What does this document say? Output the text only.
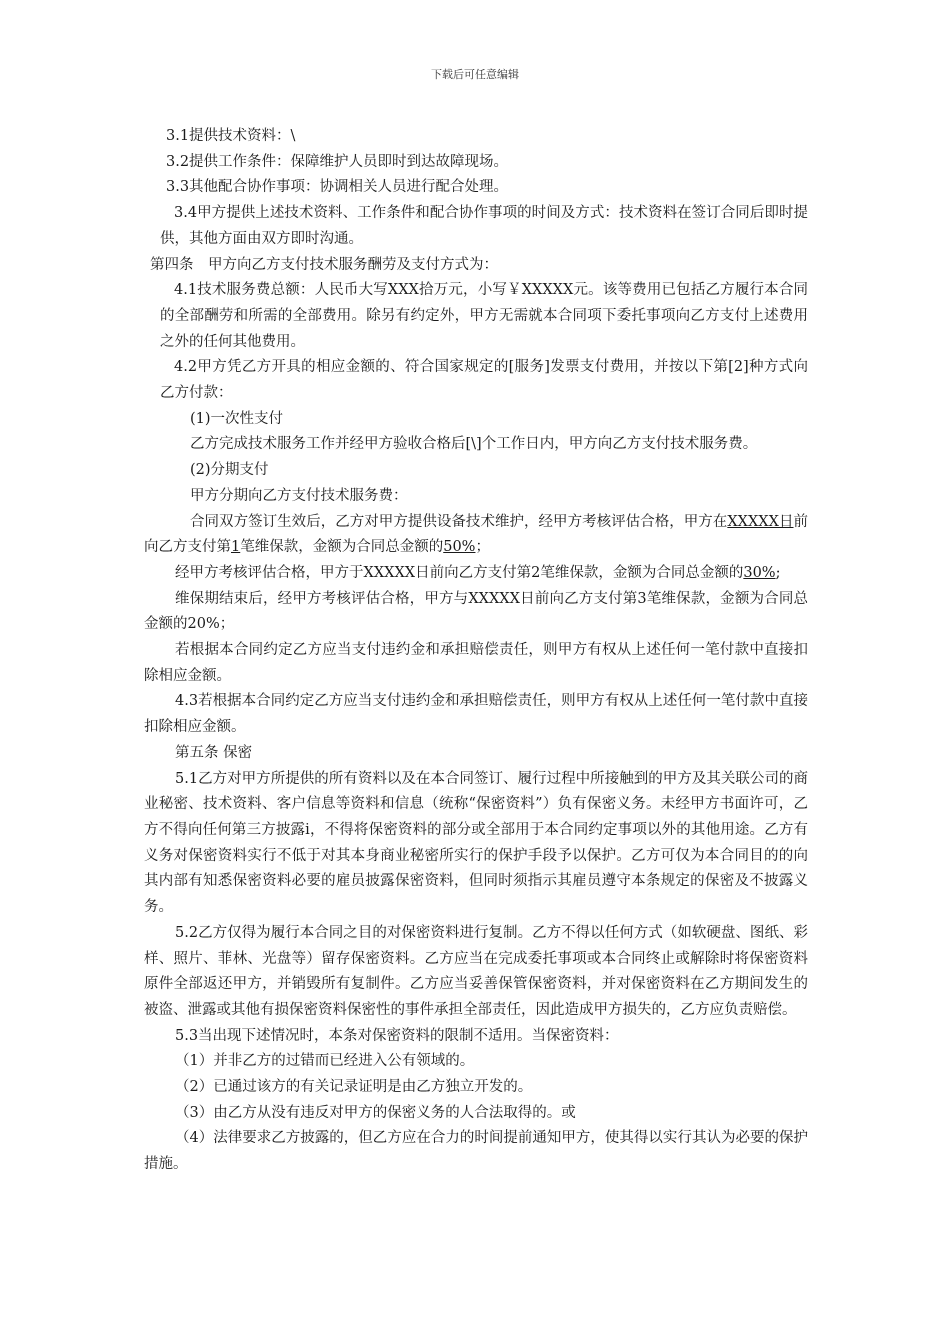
下载后可任意编辑

3.1提供技术资料：\

3.2提供工作条件：保障维护人员即时到达故障现场。

3.3其他配合协作事项：协调相关人员进行配合处理。

3.4甲方提供上述技术资料、工作条件和配合协作事项的时间及方式：技术资料在签订合同后即时提供，其他方面由双方即时沟通。

第四条　甲方向乙方支付技术服务酬劳及支付方式为：

4.1技术服务费总额：人民币大写XXX拾万元，小写￥XXXXX元。该等费用已包括乙方履行本合同的全部酬劳和所需的全部费用。除另有约定外，甲方无需就本合同项下委托事项向乙方支付上述费用之外的任何其他费用。

4.2甲方凭乙方开具的相应金额的、符合国家规定的[服务]发票支付费用，并按以下第[2]种方式向乙方付款：

(1)一次性支付

乙方完成技术服务工作并经甲方验收合格后[\]个工作日内，甲方向乙方支付技术服务费。

(2)分期支付

甲方分期向乙方支付技术服务费：

合同双方签订生效后，乙方对甲方提供设备技术维护，经甲方考核评估合格，甲方在XXXXX日前向乙方支付第1笔维保款，金额为合同总金额的50%；

经甲方考核评估合格，甲方于XXXXX日前向乙方支付第2笔维保款，金额为合同总金额的30%;

维保期结束后，经甲方考核评估合格，甲方与XXXXX日前向乙方支付第3笔维保款，金额为合同总金额的20%；

若根据本合同约定乙方应当支付违约金和承担赔偿责任，则甲方有权从上述任何一笔付款中直接扣除相应金额。

4.3若根据本合同约定乙方应当支付违约金和承担赔偿责任，则甲方有权从上述任何一笔付款中直接扣除相应金额。

第五条 保密

5.1乙方对甲方所提供的所有资料以及在本合同签订、履行过程中所接触到的甲方及其关联公司的商业秘密、技术资料、客户信息等资料和信息（统称“保密资料”）负有保密义务。未经甲方书面许可，乙方不得向任何第三方披露i，不得将保密资料的部分或全部用于本合同约定事项以外的其他用途。乙方有义务对保密资料实行不低于对其本身商业秘密所实行的保护手段予以保护。乙方可仅为本合同目的的向其内部有知悉保密资料必要的雇员披露保密资料，但同时须指示其雇员遵守本条规定的保密及不披露义务。

5.2乙方仅得为履行本合同之目的对保密资料进行复制。乙方不得以任何方式（如软硬盘、图纸、彩样、照片、菲林、光盘等）留存保密资料。乙方应当在完成委托事项或本合同终止或解除时将保密资料原件全部返还甲方，并销毁所有复制件。乙方应当妥善保管保密资料，并对保密资料在乙方期间发生的被盗、泄露或其他有损保密资料保密性的事件承担全部责任，因此造成甲方损失的，乙方应负责赔偿。

5.3当出现下述情况时，本条对保密资料的限制不适用。当保密资料：

（1）并非乙方的过错而已经进入公有领域的。

（2）已通过该方的有关记录证明是由乙方独立开发的。

（3）由乙方从没有违反对甲方的保密义务的人合法取得的。或

（4）法律要求乙方披露的，但乙方应在合力的时间提前通知甲方，使其得以实行其认为必要的保护措施。
